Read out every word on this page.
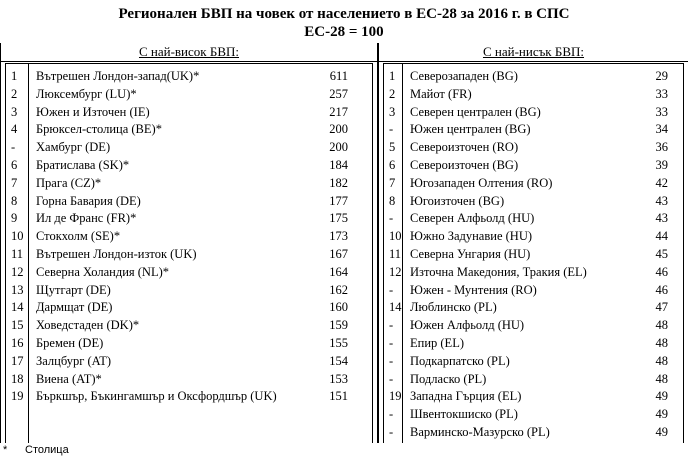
Регионален БВП на човек от населението в ЕС-28 за 2016 г. в СПС
ЕС-28 = 100
С най-висок БВП:
1 Вътрешен Лондон-запад(UK)*	611
2 Люксембург (LU)*	257
3 Южен и Източен (IE)	217
4 Брюксел-столица (BE)*	200
- Хамбург (DE)	200
6 Братислава (SK)*	184
7 Прага (CZ)*	182
8 Горна Бавария (DE)	177
9 Ил де Франс (FR)*	175
10 Стокхолм (SE)*	173
11 Вътрешен Лондон-изток (UK)	167
12 Северна Холандия (NL)*	164
13 Щутгарт (DE)	162
14 Дармщат (DE)	160
15 Ховедстаден (DK)*	159
16 Бремен (DE)	155
17 Залцбург (AT)	154
18 Виена (AT)*	153
19 Бъркшър, Бъкингамшър и Оксфордшър (UK)	151
С най-нисък БВП:
1 Северозападен (BG)	29
2 Майот (FR)	33
3 Северен централен (BG)	33
- Южен централен (BG)	34
5 Североизточен (RO)	36
6 Североизточен (BG)	39
7 Югозападен Олтения (RO)	42
8 Югоизточен (BG)	43
- Северен Алфьолд (HU)	43
10 Южно Задунавие (HU)	44
11 Северна Унгария (HU)	45
12 Източна Македония, Тракия (EL)	46
- Южен - Мунтения (RO)	46
14 Люблинско (PL)	47
- Южен Алфьолд (HU)	48
- Епир (EL)	48
- Подкарпатско (PL)	48
- Подласко (PL)	48
19 Западна Гърция (EL)	49
- Швентокшиско (PL)	49
- Варминско-Мазурско (PL)	49
* Столица
